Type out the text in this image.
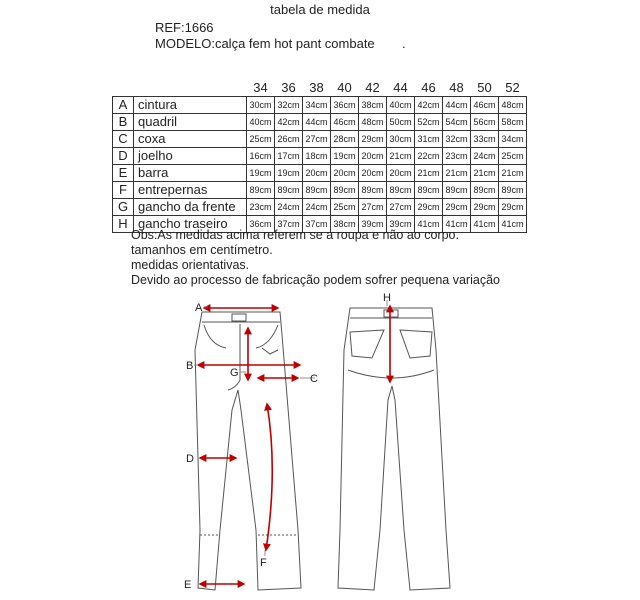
tabela de medida
REF:1666
MODELO:calça fem hot pant combate .
		34	36	38	40	42	44	46	48	50	52
A	cintura	30cm	32cm	34cm	36cm	38cm	40cm	42cm	44cm	46cm	48cm
B	quadril	40cm	42cm	44cm	46cm	48cm	50cm	52cm	54cm	56cm	58cm
C	coxa	25cm	26cm	27cm	28cm	29cm	30cm	31cm	32cm	33cm	34cm
D	joelho	16cm	17cm	18cm	19cm	20cm	21cm	22cm	23cm	24cm	25cm
E	barra	19cm	19cm	20cm	20cm	20cm	20cm	21cm	21cm	21cm	21cm
F	entrepernas	89cm	89cm	89cm	89cm	89cm	89cm	89cm	89cm	89cm	89cm
G	gancho da frente	23cm	24cm	24cm	25cm	27cm	27cm	29cm	29cm	29cm	29cm
H	gancho traseiro	36cm	37cm	37cm	38cm	39cm	39cm	41cm	41cm	41cm	41cm
Obs:As medidas acima referem se a roupa e não ao corpo.
tamanhos em centímetro.
medidas orientativas.
Devido ao processo de fabricação podem sofrer pequena variação
A
B
C
D
E
F
G
H
